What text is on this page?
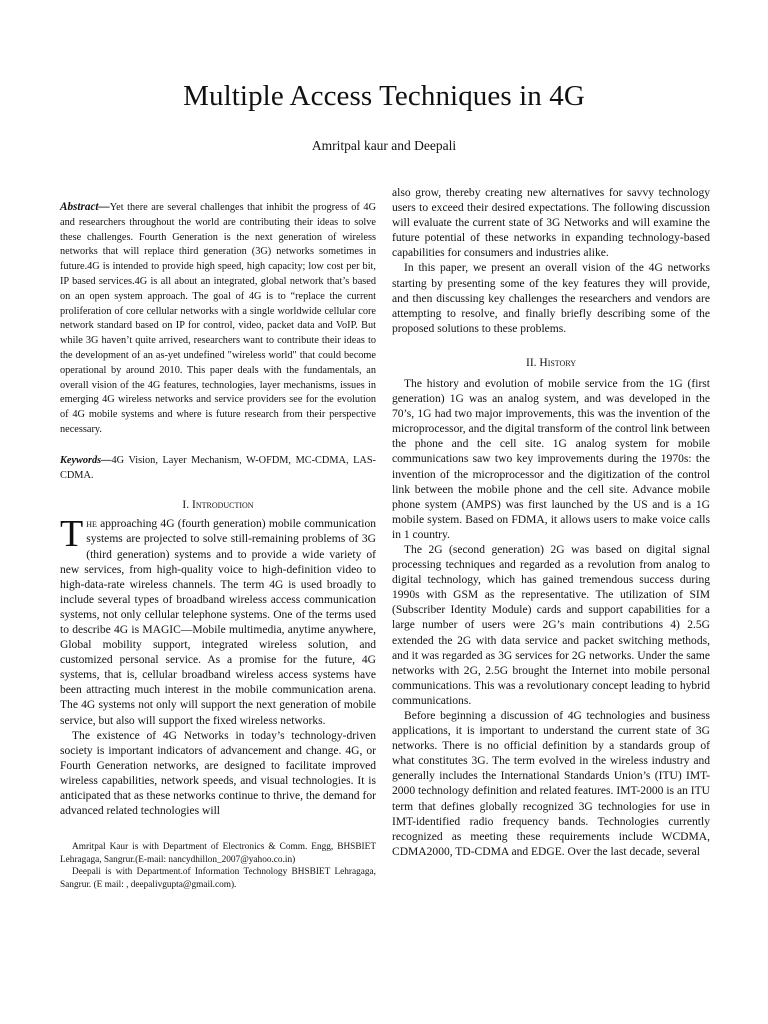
Multiple Access Techniques in 4G
Amritpal kaur and Deepali

Abstract—Yet there are several challenges that inhibit the progress of 4G and researchers throughout the world are contributing their ideas to solve these challenges. Fourth Generation is the next generation of wireless networks that will replace third generation (3G) networks sometimes in future.4G is intended to provide high speed, high capacity; low cost per bit, IP based services.4G is all about an integrated, global network that’s based on an open system approach. The goal of 4G is to “replace the current proliferation of core cellular networks with a single worldwide cellular core network standard based on IP for control, video, packet data and VoIP. But while 3G haven’t quite arrived, researchers want to contribute their ideas to the development of an as-yet undefined "wireless world" that could become operational by around 2010. This paper deals with the fundamentals, an overall vision of the 4G features, technologies, layer mechanisms, issues in emerging 4G wireless networks and service providers see for the evolution of 4G mobile systems and where is future research from their perspective necessary.

Keywords—4G Vision, Layer Mechanism, W-OFDM, MC-CDMA, LAS-CDMA.

I. Introduction

The approaching 4G (fourth generation) mobile communication systems are projected to solve still-remaining problems of 3G (third generation) systems and to provide a wide variety of new services, from high-quality voice to high-definition video to high-data-rate wireless channels. The term 4G is used broadly to include several types of broadband wireless access communication systems, not only cellular telephone systems. One of the terms used to describe 4G is MAGIC—Mobile multimedia, anytime anywhere, Global mobility support, integrated wireless solution, and customized personal service. As a promise for the future, 4G systems, that is, cellular broadband wireless access systems have been attracting much interest in the mobile communication arena. The 4G systems not only will support the next generation of mobile service, but also will support the fixed wireless networks.

The existence of 4G Networks in today’s technology-driven society is important indicators of advancement and change. 4G, or Fourth Generation networks, are designed to facilitate improved wireless capabilities, network speeds, and visual technologies. It is anticipated that as these networks continue to thrive, the demand for advanced related technologies will

Amritpal Kaur is with Department of Electronics & Comm. Engg, BHSBIET Lehragaga, Sangrur.(E-mail: nancydhillon_2007@yahoo.co.in)

Deepali is with Department.of Information Technology BHSBIET Lehragaga, Sangrur. (E mail: , deepalivgupta@gmail.com).

also grow, thereby creating new alternatives for savvy technology users to exceed their desired expectations. The following discussion will evaluate the current state of 3G Networks and will examine the future potential of these networks in expanding technology-based capabilities for consumers and industries alike.

In this paper, we present an overall vision of the 4G networks starting by presenting some of the key features they will provide, and then discussing key challenges the researchers and vendors are attempting to resolve, and finally briefly describing some of the proposed solutions to these problems.

II. History

The history and evolution of mobile service from the 1G (first generation) 1G was an analog system, and was developed in the 70’s, 1G had two major improvements, this was the invention of the microprocessor, and the digital transform of the control link between the phone and the cell site. 1G analog system for mobile communications saw two key improvements during the 1970s: the invention of the microprocessor and the digitization of the control link between the mobile phone and the cell site. Advance mobile phone system (AMPS) was first launched by the US and is a 1G mobile system. Based on FDMA, it allows users to make voice calls in 1 country.

The 2G (second generation) 2G was based on digital signal processing techniques and regarded as a revolution from analog to digital technology, which has gained tremendous success during 1990s with GSM as the representative. The utilization of SIM (Subscriber Identity Module) cards and support capabilities for a large number of users were 2G’s main contributions 4) 2.5G extended the 2G with data service and packet switching methods, and it was regarded as 3G services for 2G networks. Under the same networks with 2G, 2.5G brought the Internet into mobile personal communications. This was a revolutionary concept leading to hybrid communications.

Before beginning a discussion of 4G technologies and business applications, it is important to understand the current state of 3G networks. There is no official definition by a standards group of what constitutes 3G. The term evolved in the wireless industry and generally includes the International Standards Union’s (ITU) IMT-2000 technology definition and related features. IMT-2000 is an ITU term that defines globally recognized 3G technologies for use in IMT-identified radio frequency bands. Technologies currently recognized as meeting these requirements include WCDMA, CDMA2000, TD-CDMA and EDGE. Over the last decade, several
